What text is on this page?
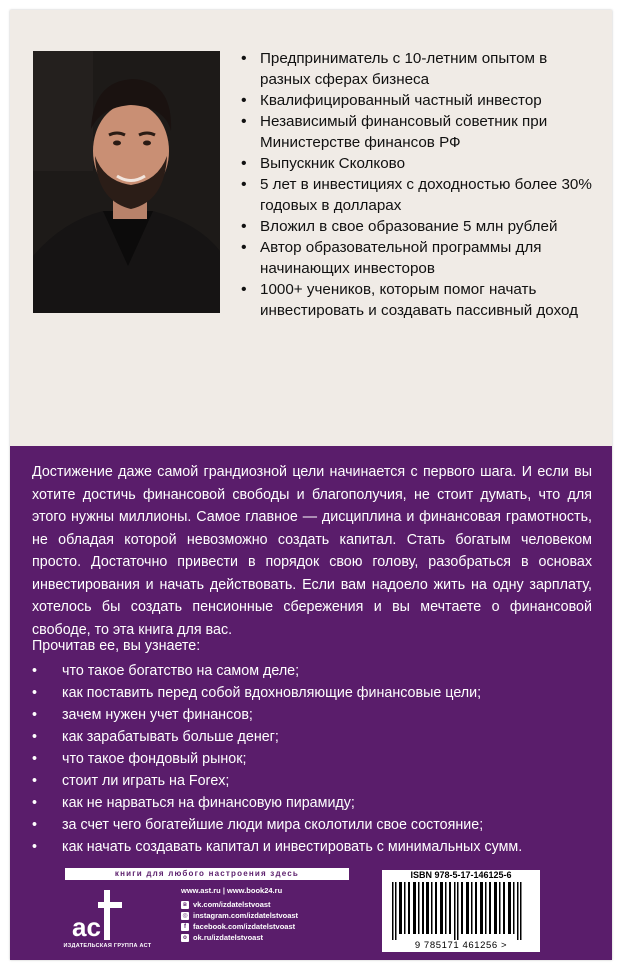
• Предприниматель с 10-летним опытом в разных сферах бизнеса
• Квалифицированный частный инвестор
• Независимый финансовый советник при Министерстве финансов РФ
• Выпускник Сколково
• 5 лет в инвестициях с доходностью более 30% годовых в долларах
• Вложил в свое образование 5 млн рублей
• Автор образовательной программы для начинающих инвесторов
• 1000+ учеников, которым помог начать инвестировать и создавать пассивный доход

Достижение даже самой грандиозной цели начинается с первого шага. И если вы хотите достичь финансовой свободы и благополучия, не стоит думать, что для этого нужны миллионы. Самое главное — дисциплина и финансовая грамотность, не обладая которой невозможно создать капитал. Стать богатым человеком просто. Достаточно привести в порядок свою голову, разобраться в основах инвестирования и начать действовать. Если вам надоело жить на одну зарплату, хотелось бы создать пенсионные сбережения и вы мечтаете о финансовой свободе, то эта книга для вас.

Прочитав ее, вы узнаете:

• что такое богатство на самом деле;
• как поставить перед собой вдохновляющие финансовые цели;
• зачем нужен учет финансов;
• как зарабатывать больше денег;
• что такое фондовый рынок;
• стоит ли играть на Forex;
• как не нарваться на финансовую пирамиду;
• за счет чего богатейшие люди мира сколотили свое состояние;
• как начать создавать капитал и инвестировать с минимальных сумм.
книги для любого настроения здесь
ac
ИЗДАТЕЛЬСКАЯ ГРУППА АСТ
www.ast.ru | www.book24.ru
в vk.com/izdatelstvoast
◎ instagram.com/izdatelstvoast
f facebook.com/izdatelstvoast
o ok.ru/izdatelstvoast
ISBN 978-5-17-146125-6
9 785171 461256 >
